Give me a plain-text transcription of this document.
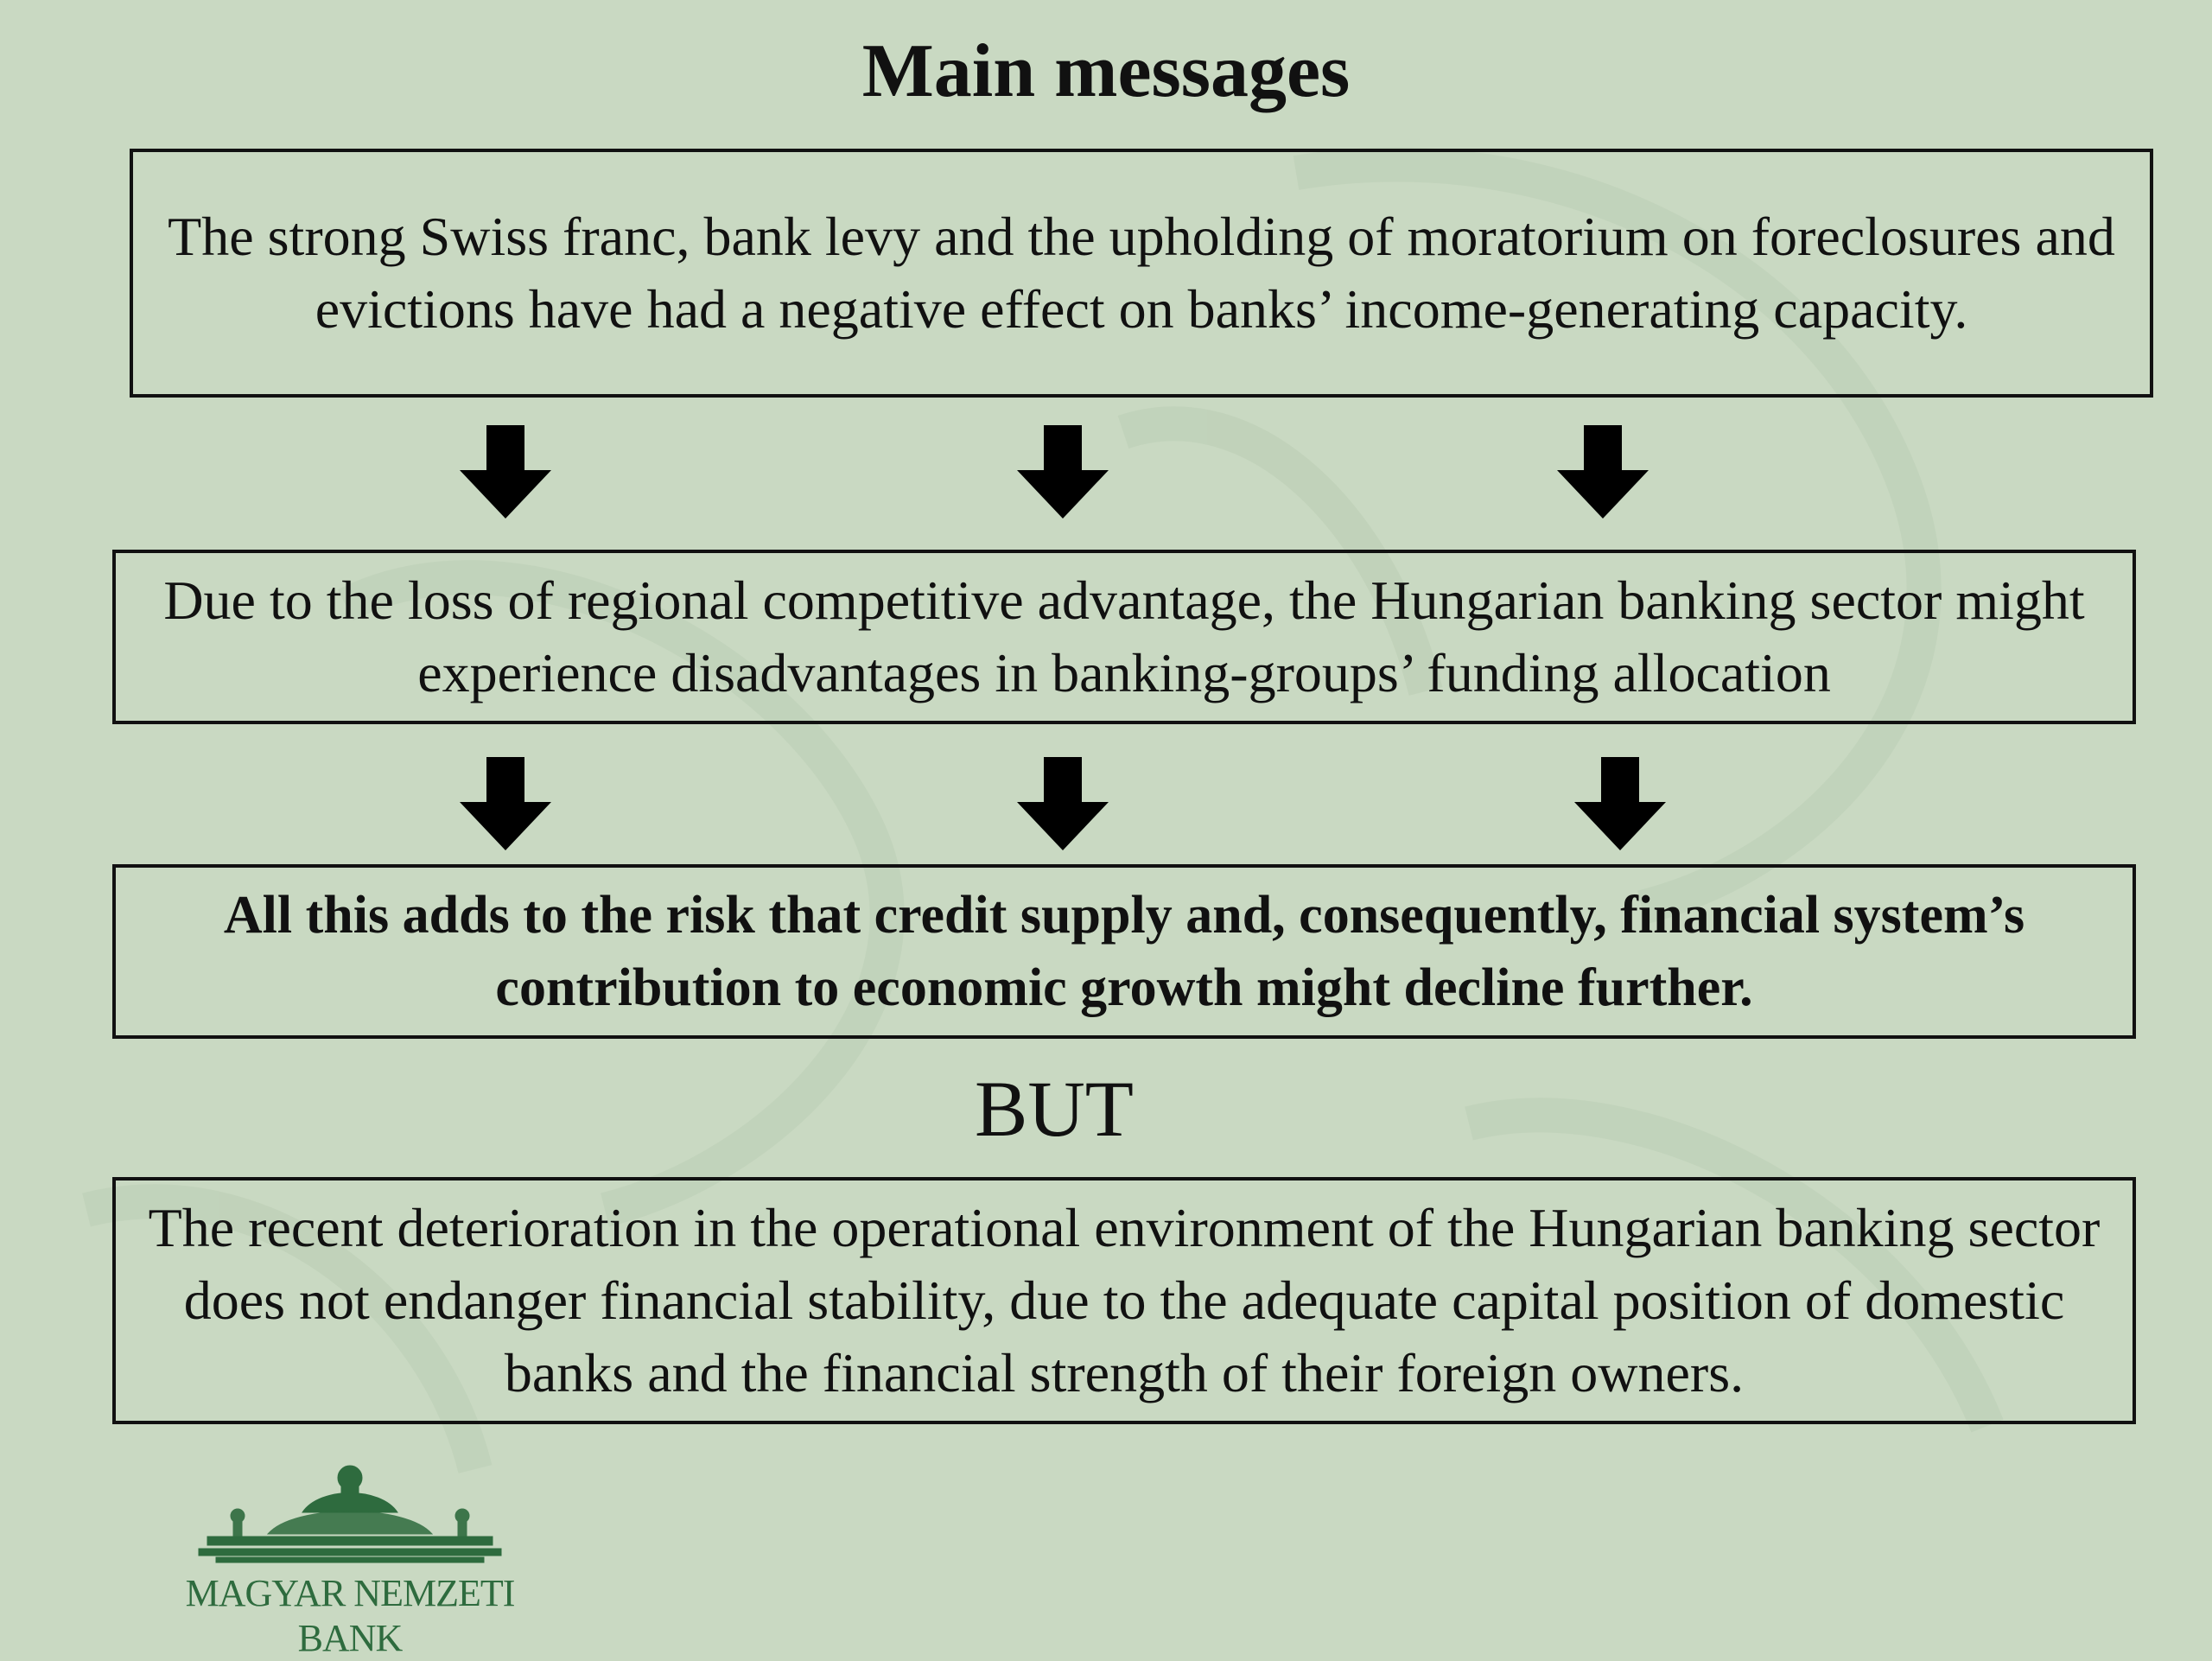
Main messages
The strong Swiss franc, bank levy and the upholding of moratorium on foreclosures and evictions have had a negative effect on banks’ income-generating capacity.
Due to the loss of regional competitive advantage, the Hungarian banking sector might experience disadvantages in banking-groups’ funding allocation
All this adds to the risk that credit supply and, consequently, financial system’s contribution to economic growth might decline further.
BUT
The recent deterioration in the operational environment of the Hungarian banking sector does not endanger financial stability, due to the adequate capital position of domestic banks and the financial strength of their foreign owners.
MAGYAR NEMZETI BANK
